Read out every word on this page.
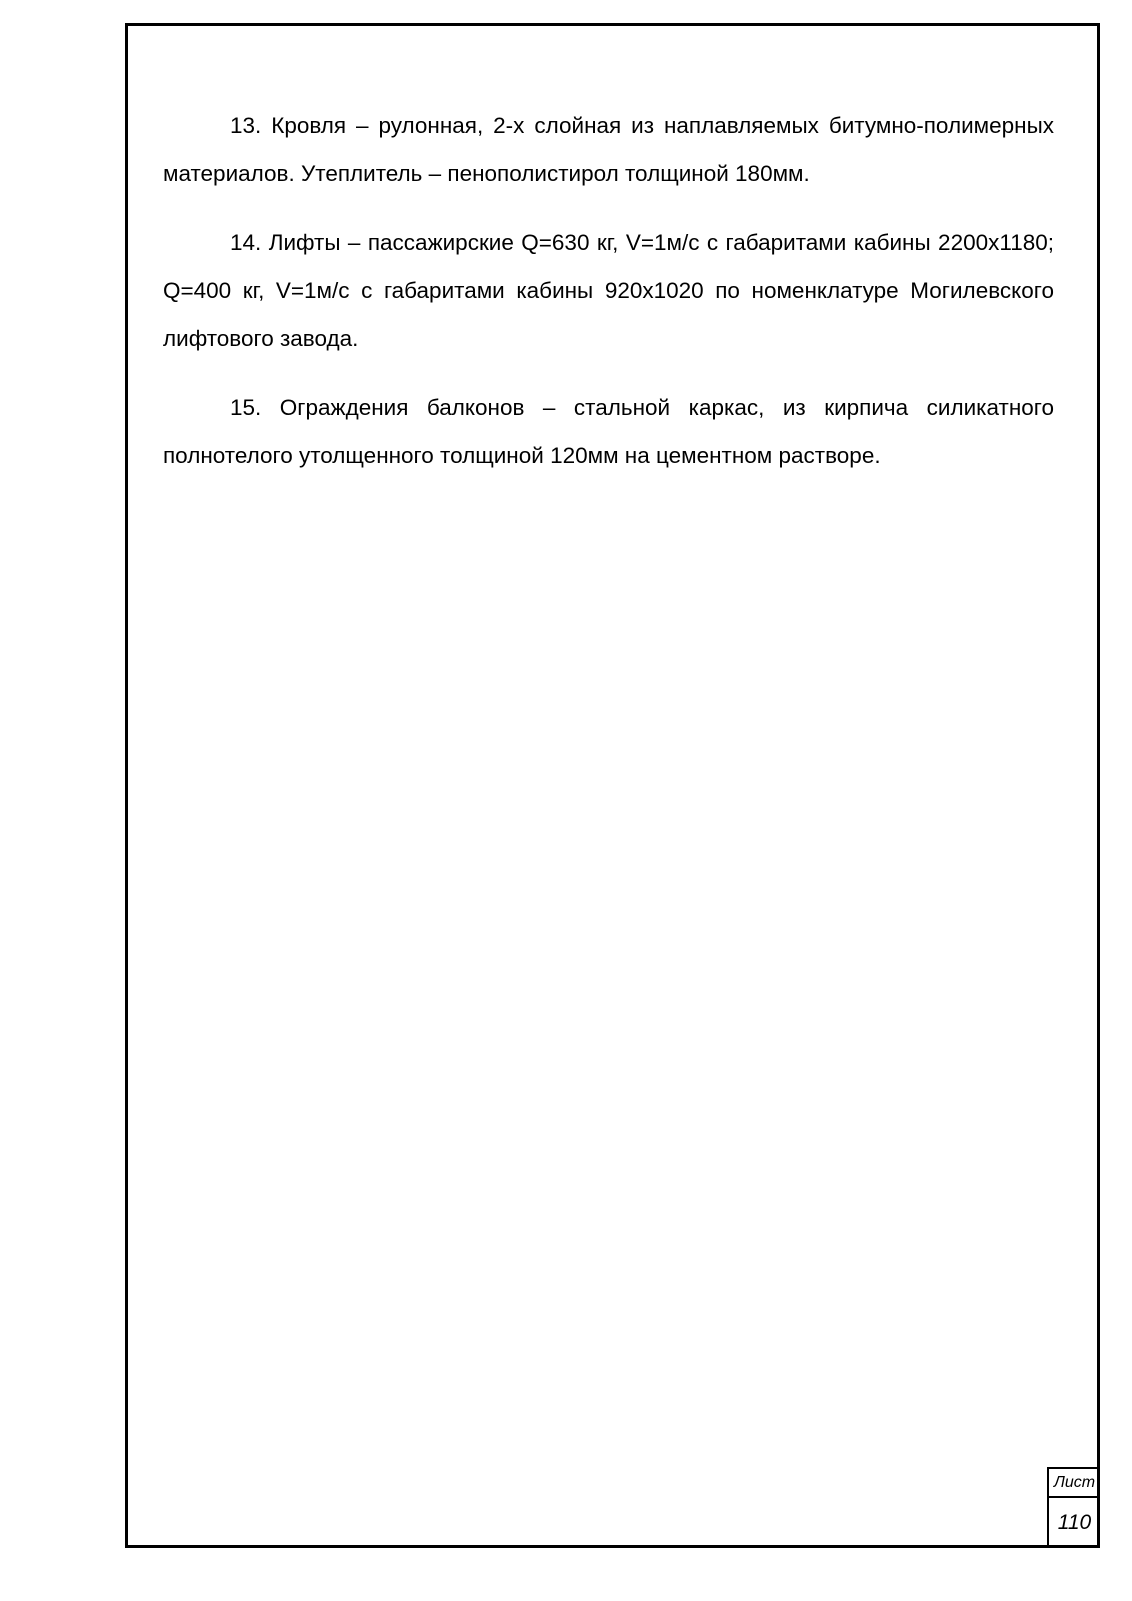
13. Кровля – рулонная, 2-х слойная из наплавляемых битумно-полимерных материалов. Утеплитель – пенополистирол толщиной 180мм.

14. Лифты – пассажирские Q=630 кг, V=1м/с с габаритами кабины 2200х1180; Q=400 кг, V=1м/с с габаритами кабины 920х1020 по номенклатуре Могилевского лифтового завода.

15. Ограждения балконов – стальной каркас, из кирпича силикатного полнотелого утолщенного толщиной 120мм на цементном растворе.

Лист
110
